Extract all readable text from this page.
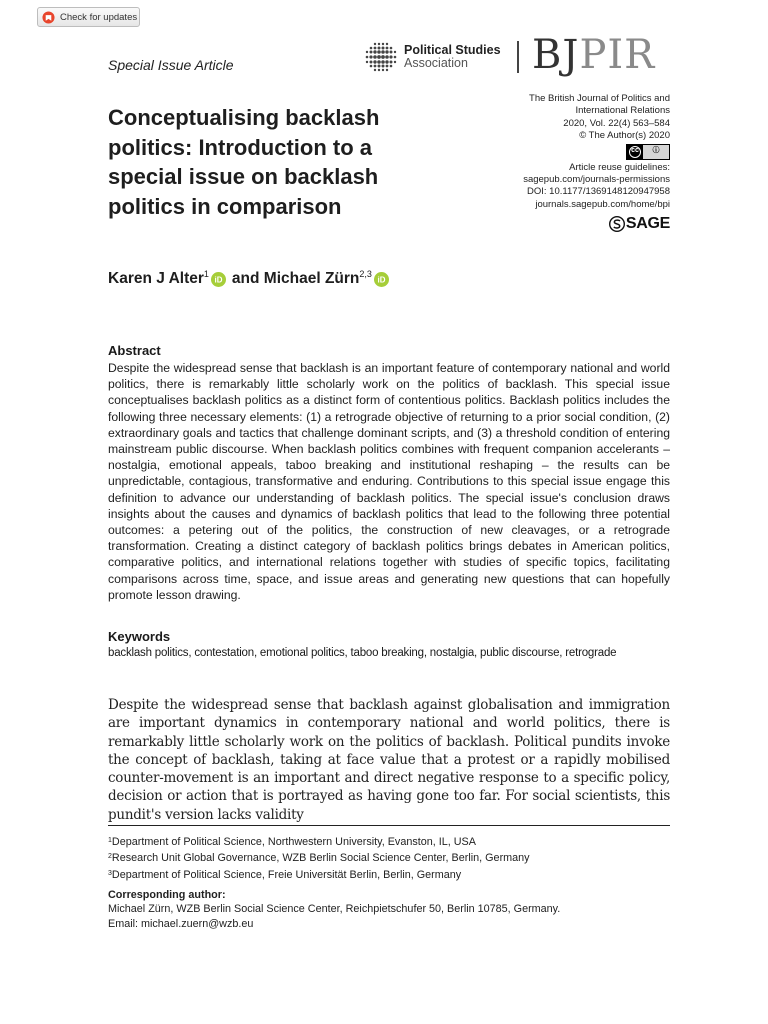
Check for updates
Special Issue Article
Political Studies
Association	BJPIR
Conceptualising backlash politics: Introduction to a special issue on backlash politics in comparison
The British Journal of Politics and
International Relations
2020, Vol. 22(4) 563–584
© The Author(s) 2020
cc	ⓘ
Article reuse guidelines:
sagepub.com/journals-permissions
DOI: 10.1177/1369148120947958
journals.sagepub.com/home/bpi
SAGE
Karen J Alter$^1$
iD and
Michael Zürn$^{2,3}$
iD
Abstract
Despite the widespread sense that backlash is an important feature of contemporary national and world politics, there is remarkably little scholarly work on the politics of backlash. This special issue conceptualises backlash politics as a distinct form of contentious politics. Backlash politics includes the following three necessary elements: (1) a retrograde objective of returning to a prior social condition, (2) extraordinary goals and tactics that challenge dominant scripts, and (3) a threshold condition of entering mainstream public discourse. When backlash politics combines with frequent companion accelerants – nostalgia, emotional appeals, taboo breaking and institutional reshaping – the results can be unpredictable, contagious, transformative and enduring. Contributions to this special issue engage this definition to advance our understanding of backlash politics. The special issue's conclusion draws insights about the causes and dynamics of backlash politics that lead to the following three potential outcomes: a petering out of the politics, the construction of new cleavages, or a retrograde transformation. Creating a distinct category of backlash politics brings debates in American politics, comparative politics, and international relations together with studies of specific topics, facilitating comparisons across time, space, and issue areas and generating new questions that can hopefully promote lesson drawing.
Keywords
backlash politics, contestation, emotional politics, taboo breaking, nostalgia, public discourse, retrograde
Despite the widespread sense that backlash against globalisation and immigration are important dynamics in contemporary national and world politics, there is remarkably little scholarly work on the politics of backlash. Political pundits invoke the concept of backlash, taking at face value that a protest or a rapidly mobilised counter-movement is an important and direct negative response to a specific policy, decision or action that is portrayed as having gone too far. For social scientists, this pundit's version lacks validity
$^1$Department of Political Science, Northwestern University, Evanston, IL, USA
$^2$Research Unit Global Governance, WZB Berlin Social Science Center, Berlin, Germany
$^3$Department of Political Science, Freie Universität Berlin, Berlin, Germany
Corresponding author:
Michael Zürn, WZB Berlin Social Science Center, Reichpietschufer 50, Berlin 10785, Germany.
Email: michael.zuern@wzb.eu
